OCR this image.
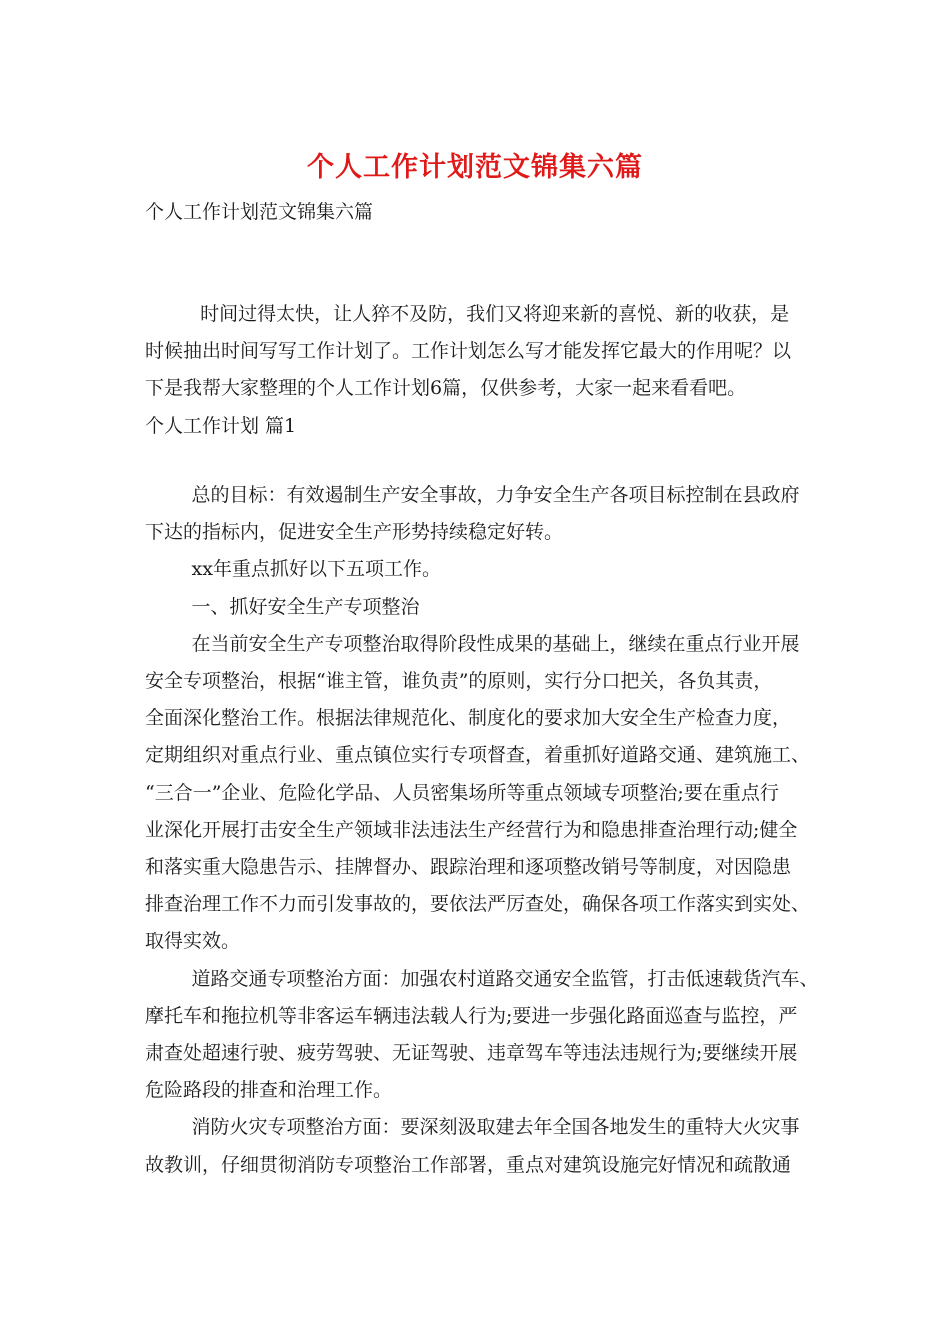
个人工作计划范文锦集六篇

个人工作计划范文锦集六篇

时间过得太快，让人猝不及防，我们又将迎来新的喜悦、新的收获，是

时候抽出时间写写工作计划了。工作计划怎么写才能发挥它最大的作用呢？以
下是我帮大家整理的个人工作计划6篇，仅供参考，大家一起来看看吧。

个人工作计划 篇1

总的目标：有效遏制生产安全事故，力争安全生产各项目标控制在县政府
下达的指标内，促进安全生产形势持续稳定好转。

xx年重点抓好以下五项工作。

一、抓好安全生产专项整治

在当前安全生产专项整治取得阶段性成果的基础上，继续在重点行业开展
安全专项整治，根据“谁主管，谁负责”的原则，实行分口把关，各负其责，
全面深化整治工作。根据法律规范化、制度化的要求加大安全生产检查力度，
定期组织对重点行业、重点镇位实行专项督查，着重抓好道路交通、建筑施工、
“三合一”企业、危险化学品、人员密集场所等重点领域专项整治;要在重点行
业深化开展打击安全生产领域非法违法生产经营行为和隐患排查治理行动;健全
和落实重大隐患告示、挂牌督办、跟踪治理和逐项整改销号等制度，对因隐患
排查治理工作不力而引发事故的，要依法严厉查处，确保各项工作落实到实处、
取得实效。

道路交通专项整治方面：加强农村道路交通安全监管，打击低速载货汽车、
摩托车和拖拉机等非客运车辆违法载人行为;要进一步强化路面巡查与监控，严
肃查处超速行驶、疲劳驾驶、无证驾驶、违章驾车等违法违规行为;要继续开展
危险路段的排查和治理工作。

消防火灾专项整治方面：要深刻汲取建去年全国各地发生的重特大火灾事
故教训，仔细贯彻消防专项整治工作部署，重点对建筑设施完好情况和疏散通
